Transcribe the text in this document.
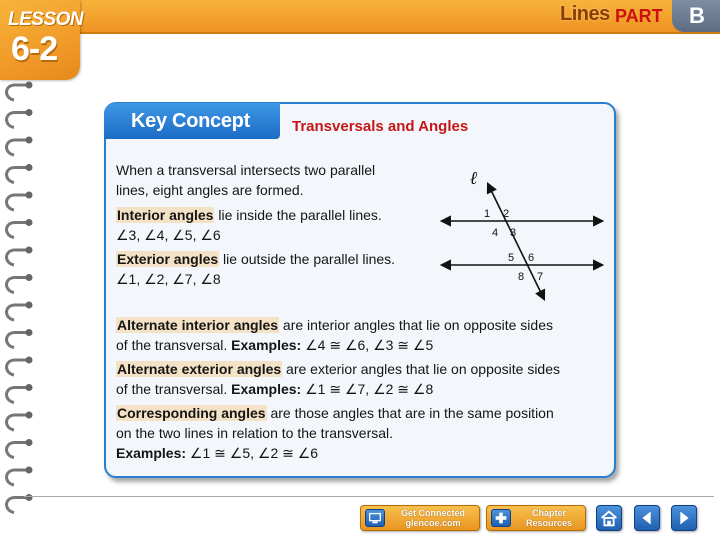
LESSON
6-2
Lines PART B
Key Concept	Transversals and Angles
When a transversal intersects two parallel
lines, eight angles are formed.
Interior angles lie inside the parallel lines.
∠3, ∠4, ∠5, ∠6
Exterior angles lie outside the parallel lines.
∠1, ∠2, ∠7, ∠8
Alternate interior angles are interior angles that lie on opposite sides
of the transversal. Examples: ∠4 ≅ ∠6, ∠3 ≅ ∠5
Alternate exterior angles are exterior angles that lie on opposite sides
of the transversal. Examples: ∠1 ≅ ∠7, ∠2 ≅ ∠8
Corresponding angles are those angles that are in the same position
on the two lines in relation to the transversal.
Examples: ∠1 ≅ ∠5, ∠2 ≅ ∠6
ℓ
1 2
4 3
5 6
8 7
Get Connected
glencoe.com
Chapter
Resources
